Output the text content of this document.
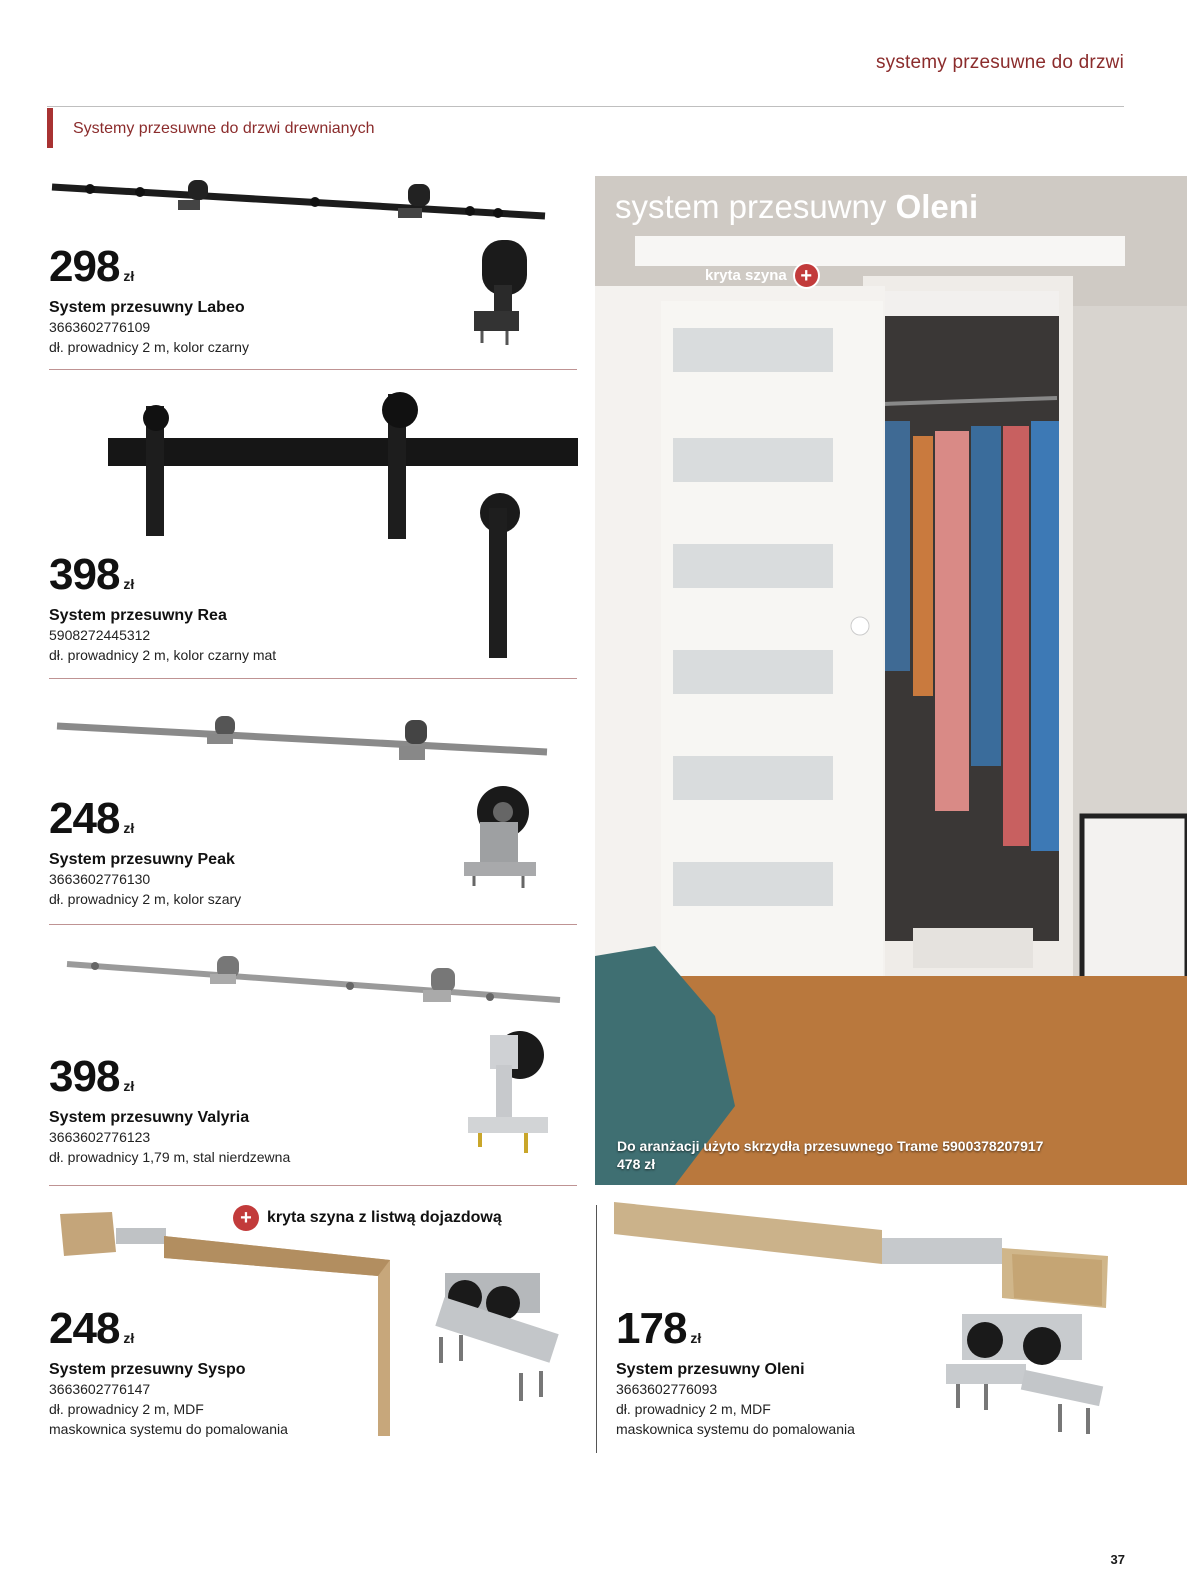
systemy przesuwne do drzwi
Systemy przesuwne do drzwi drewnianych
298 zł
System przesuwny Labeo
3663602776109
dł. prowadnicy 2 m, kolor czarny
398 zł
System przesuwny Rea
5908272445312
dł. prowadnicy 2 m, kolor czarny mat
248 zł
System przesuwny Peak
3663602776130
dł. prowadnicy 2 m, kolor szary
398 zł
System przesuwny Valyria
3663602776123
dł. prowadnicy 1,79 m, stal nierdzewna
+ kryta szyna z listwą dojazdową
248 zł
System przesuwny Syspo
3663602776147
dł. prowadnicy 2 m, MDF
maskownica systemu do pomalowania
system przesuwny Oleni
kryta szyna +
Do aranżacji użyto skrzydła przesuwnego Trame 5900378207917
478 zł
178 zł
System przesuwny Oleni
3663602776093
dł. prowadnicy 2 m, MDF
maskownica systemu do pomalowania
37
